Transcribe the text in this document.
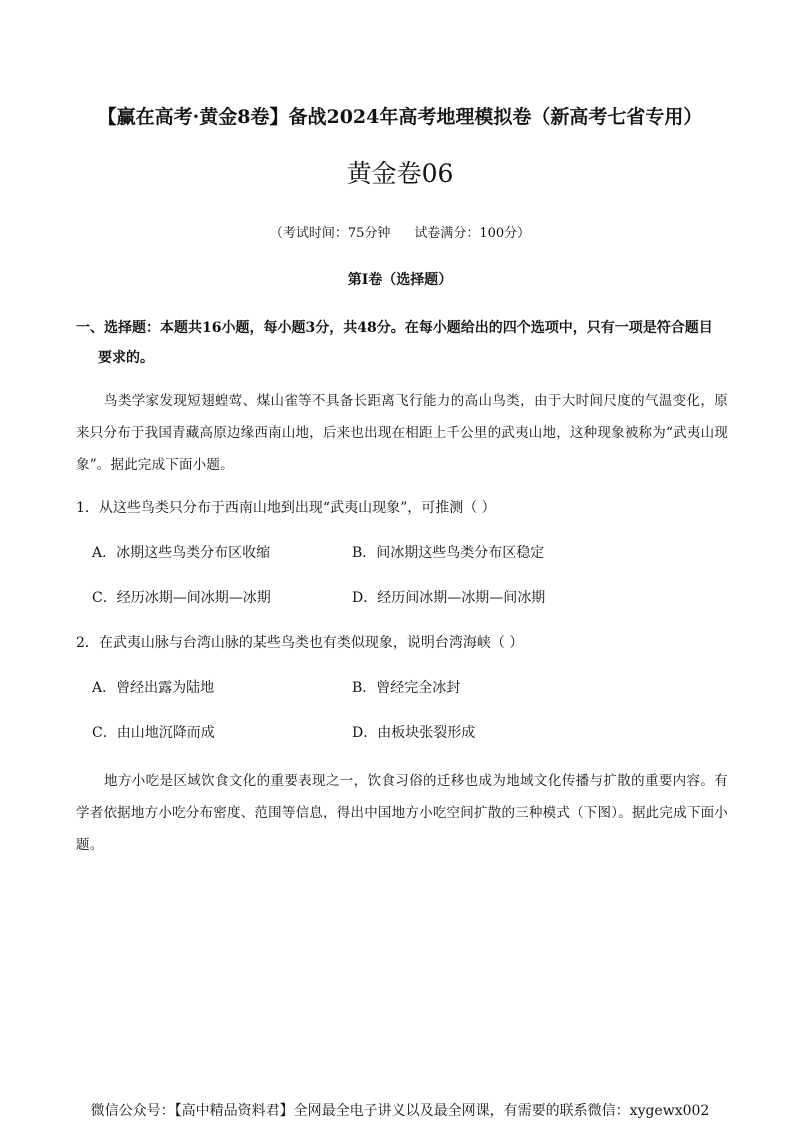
【赢在高考·黄金8卷】备战2024年高考地理模拟卷（新高考七省专用）
黄金卷06
（考试时间：75分钟 试卷满分：100分）
第Ⅰ卷（选择题）
一、选择题：本题共16小题，每小题3分，共48分。在每小题给出的四个选项中，只有一项是符合题目
要求的。

鸟类学家发现短翅蝗莺、煤山雀等不具备长距离飞行能力的高山鸟类，由于大时间尺度的气温变化，原来只分布于我国青藏高原边缘西南山地，后来也出现在相距上千公里的武夷山地，这种现象被称为“武夷山现象”。据此完成下面小题。

1．从这些鸟类只分布于西南山地到出现“武夷山现象”，可推测（ ）
A．冰期这些鸟类分布区收缩	B．间冰期这些鸟类分布区稳定
C．经历冰期—间冰期—冰期	D．经历间冰期—冰期—间冰期
2．在武夷山脉与台湾山脉的某些鸟类也有类似现象，说明台湾海峡（ ）
A．曾经出露为陆地	B．曾经完全冰封
C．由山地沉降而成	D．由板块张裂形成

地方小吃是区域饮食文化的重要表现之一，饮食习俗的迁移也成为地域文化传播与扩散的重要内容。有学者依据地方小吃分布密度、范围等信息，得出中国地方小吃空间扩散的三种模式（下图）。据此完成下面小题。

微信公众号：【高中精品资料君】全网最全电子讲义以及最全网课，有需要的联系微信：xygewx002
